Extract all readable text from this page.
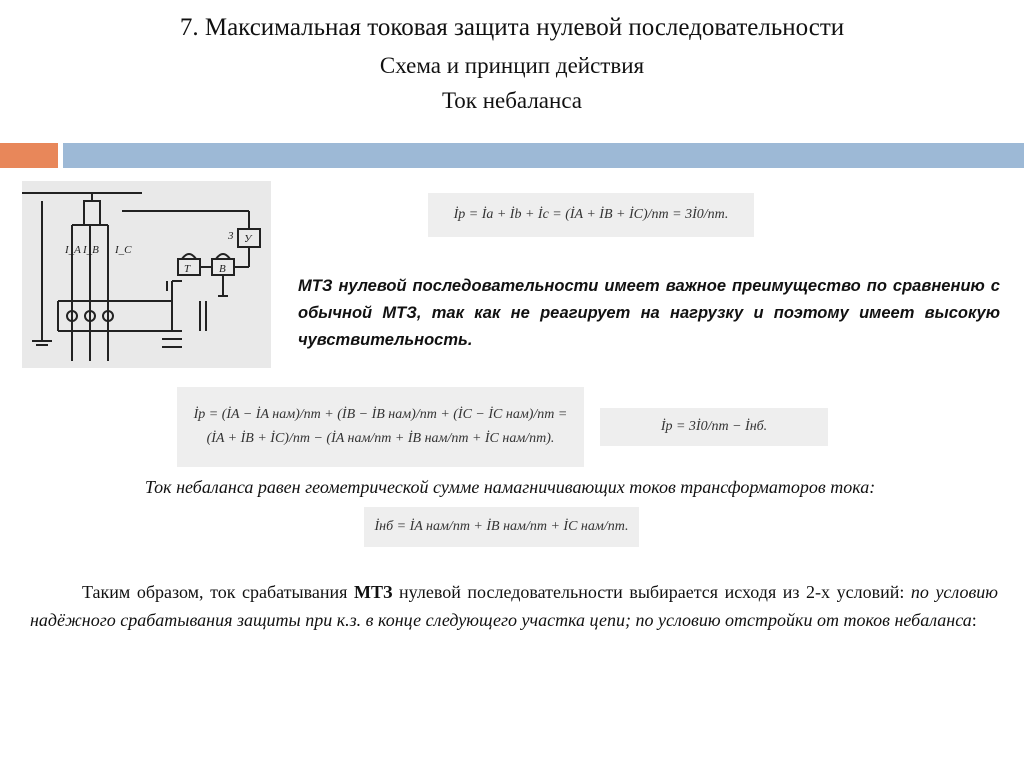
7. Максимальная токовая защита нулевой последовательности
Схема и принцип действия
Ток небаланса
I_A I_B I_C
T	B
3 У
İр = İa + İb + İc = (İA + İB + İC)/nт = 3İ0/nт.
МТЗ нулевой последовательности имеет важное преимущество по сравнению с обычной МТЗ, так как не реагирует на нагрузку и поэтому имеет высокую чувствительность.
İр = (İA − İA нам)/nт + (İB − İB нам)/nт + (İC − İC нам)/nт = (İA + İB + İC)/nт − (İA нам/nт + İB нам/nт + İC нам/nт).
İр = 3İ0/nт − İнб.
Ток небаланса равен геометрической сумме намагничивающих токов трансформаторов тока:
İнб = İA нам/nт + İB нам/nт + İC нам/nт.
Таким образом, ток срабатывания МТЗ нулевой последовательности выбирается исходя из 2-х условий: по условию надёжного срабатывания защиты при к.з. в конце следующего участка цепи; по условию отстройки от токов небаланса:
